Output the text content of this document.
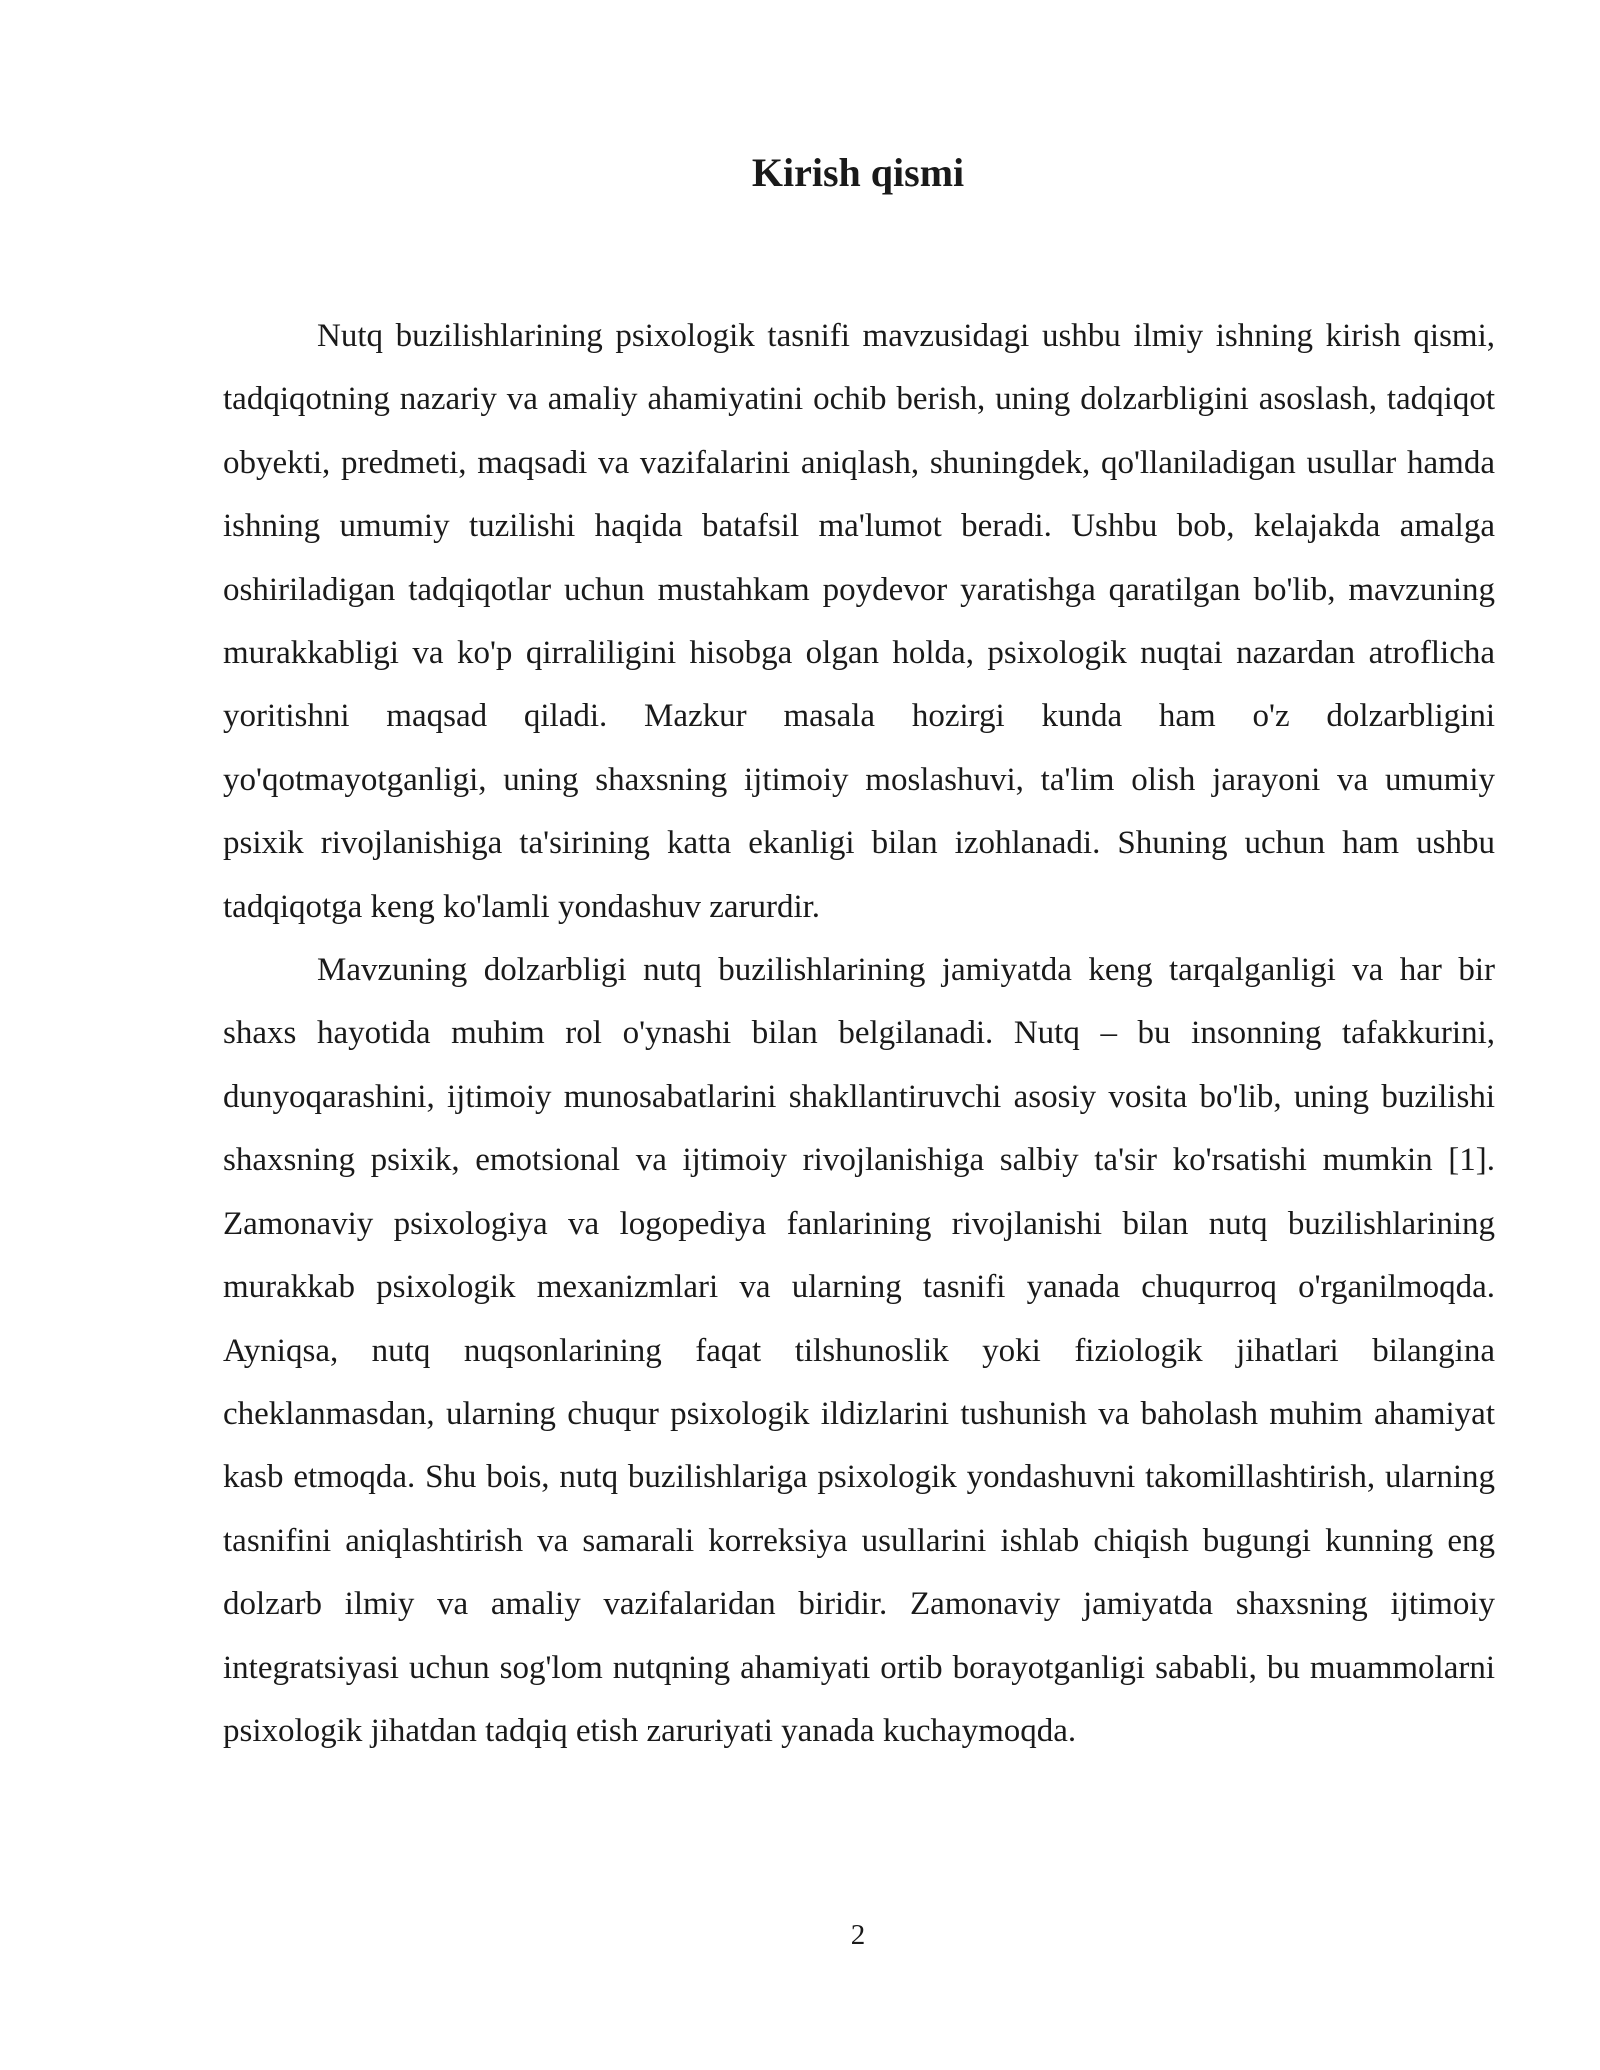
Kirish qismi

Nutq buzilishlarining psixologik tasnifi mavzusidagi ushbu ilmiy ishning kirish qismi, tadqiqotning nazariy va amaliy ahamiyatini ochib berish, uning dolzarbligini asoslash, tadqiqot obyekti, predmeti, maqsadi va vazifalarini aniqlash, shuningdek, qo'llaniladigan usullar hamda ishning umumiy tuzilishi haqida batafsil ma'lumot beradi. Ushbu bob, kelajakda amalga oshiriladigan tadqiqotlar uchun mustahkam poydevor yaratishga qaratilgan bo'lib, mavzuning murakkabligi va ko'p qirraliligini hisobga olgan holda, psixologik nuqtai nazardan atroflicha yoritishni maqsad qiladi. Mazkur masala hozirgi kunda ham o'z dolzarbligini yo'qotmayotganligi, uning shaxsning ijtimoiy moslashuvi, ta'lim olish jarayoni va umumiy psixik rivojlanishiga ta'sirining katta ekanligi bilan izohlanadi. Shuning uchun ham ushbu tadqiqotga keng ko'lamli yondashuv zarurdir.

Mavzuning dolzarbligi nutq buzilishlarining jamiyatda keng tarqalganligi va har bir shaxs hayotida muhim rol o'ynashi bilan belgilanadi. Nutq – bu insonning tafakkurini, dunyoqarashini, ijtimoiy munosabatlarini shakllantiruvchi asosiy vosita bo'lib, uning buzilishi shaxsning psixik, emotsional va ijtimoiy rivojlanishiga salbiy ta'sir ko'rsatishi mumkin [1]. Zamonaviy psixologiya va logopediya fanlarining rivojlanishi bilan nutq buzilishlarining murakkab psixologik mexanizmlari va ularning tasnifi yanada chuqurroq o'rganilmoqda. Ayniqsa, nutq nuqsonlarining faqat tilshunoslik yoki fiziologik jihatlari bilangina cheklanmasdan, ularning chuqur psixologik ildizlarini tushunish va baholash muhim ahamiyat kasb etmoqda. Shu bois, nutq buzilishlariga psixologik yondashuvni takomillashtirish, ularning tasnifini aniqlashtirish va samarali korreksiya usullarini ishlab chiqish bugungi kunning eng dolzarb ilmiy va amaliy vazifalaridan biridir. Zamonaviy jamiyatda shaxsning ijtimoiy integratsiyasi uchun sog'lom nutqning ahamiyati ortib borayotganligi sababli, bu muammolarni psixologik jihatdan tadqiq etish zaruriyati yanada kuchaymoqda.

2
